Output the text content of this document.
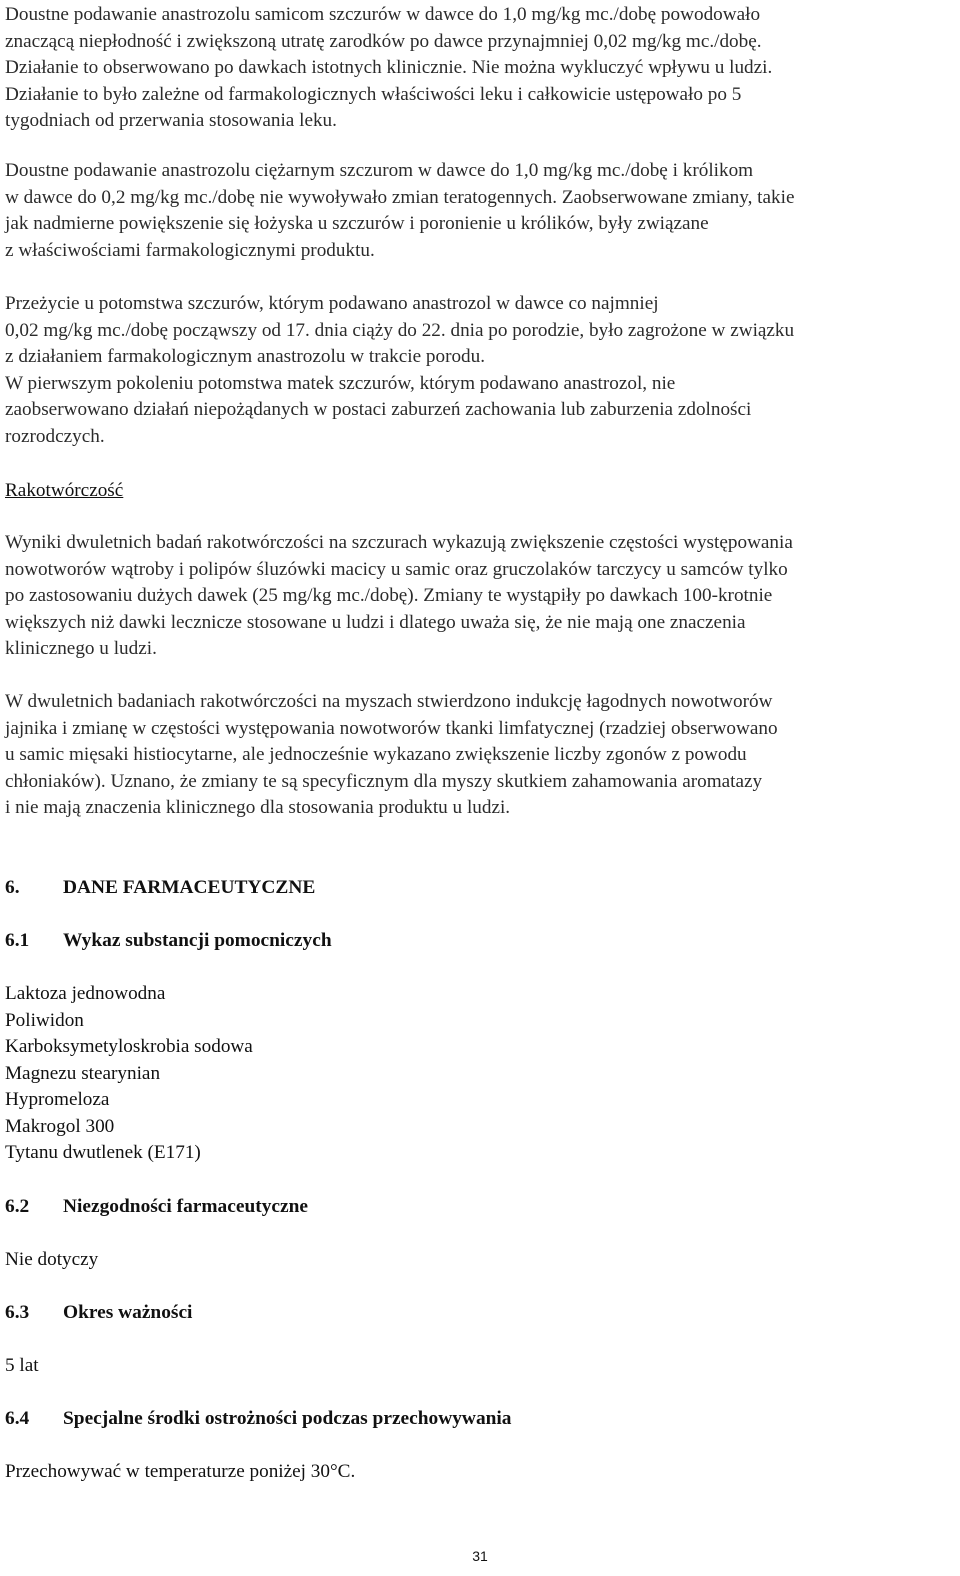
Doustne podawanie anastrozolu samicom szczurów w dawce do 1,0 mg/kg mc./dobę powodowało
znaczącą niepłodność i zwiększoną utratę zarodków po dawce przynajmniej 0,02 mg/kg mc./dobę.
Działanie to obserwowano po dawkach istotnych klinicznie. Nie można wykluczyć wpływu u ludzi.
Działanie to było zależne od farmakologicznych właściwości leku i całkowicie ustępowało po 5
tygodniach od przerwania stosowania leku.

Doustne podawanie anastrozolu ciężarnym szczurom w dawce do 1,0 mg/kg mc./dobę i królikom
w dawce do 0,2 mg/kg mc./dobę nie wywoływało zmian teratogennych. Zaobserwowane zmiany, takie
jak nadmierne powiększenie się łożyska u szczurów i poronienie u królików, były związane
z właściwościami farmakologicznymi produktu.

Przeżycie u potomstwa szczurów, którym podawano anastrozol w dawce co najmniej
0,02 mg/kg mc./dobę począwszy od 17. dnia ciąży do 22. dnia po porodzie, było zagrożone w związku
z działaniem farmakologicznym anastrozolu w trakcie porodu.
W pierwszym pokoleniu potomstwa matek szczurów, którym podawano anastrozol, nie
zaobserwowano działań niepożądanych w postaci zaburzeń zachowania lub zaburzenia zdolności
rozrodczych.

Rakotwórczość

Wyniki dwuletnich badań rakotwórczości na szczurach wykazują zwiększenie częstości występowania
nowotworów wątroby i polipów śluzówki macicy u samic oraz gruczolaków tarczycy u samców tylko
po zastosowaniu dużych dawek (25 mg/kg mc./dobę). Zmiany te wystąpiły po dawkach 100-krotnie
większych niż dawki lecznicze stosowane u ludzi i dlatego uważa się, że nie mają one znaczenia
klinicznego u ludzi.

W dwuletnich badaniach rakotwórczości na myszach stwierdzono indukcję łagodnych nowotworów
jajnika i zmianę w częstości występowania nowotworów tkanki limfatycznej (rzadziej obserwowano
u samic mięsaki histiocytarne, ale jednocześnie wykazano zwiększenie liczby zgonów z powodu
chłoniaków). Uznano, że zmiany te są specyficznym dla myszy skutkiem zahamowania aromatazy
i nie mają znaczenia klinicznego dla stosowania produktu u ludzi.

6. DANE FARMACEUTYCZNE
6.1 Wykaz substancji pomocniczych
Laktoza jednowodna
Poliwidon
Karboksymetyloskrobia sodowa
Magnezu stearynian
Hypromeloza
Makrogol 300
Tytanu dwutlenek (E171)
6.2 Niezgodności farmaceutyczne

Nie dotyczy

6.3 Okres ważności

5 lat

6.4 Specjalne środki ostrożności podczas przechowywania

Przechowywać w temperaturze poniżej 30°C.

31
